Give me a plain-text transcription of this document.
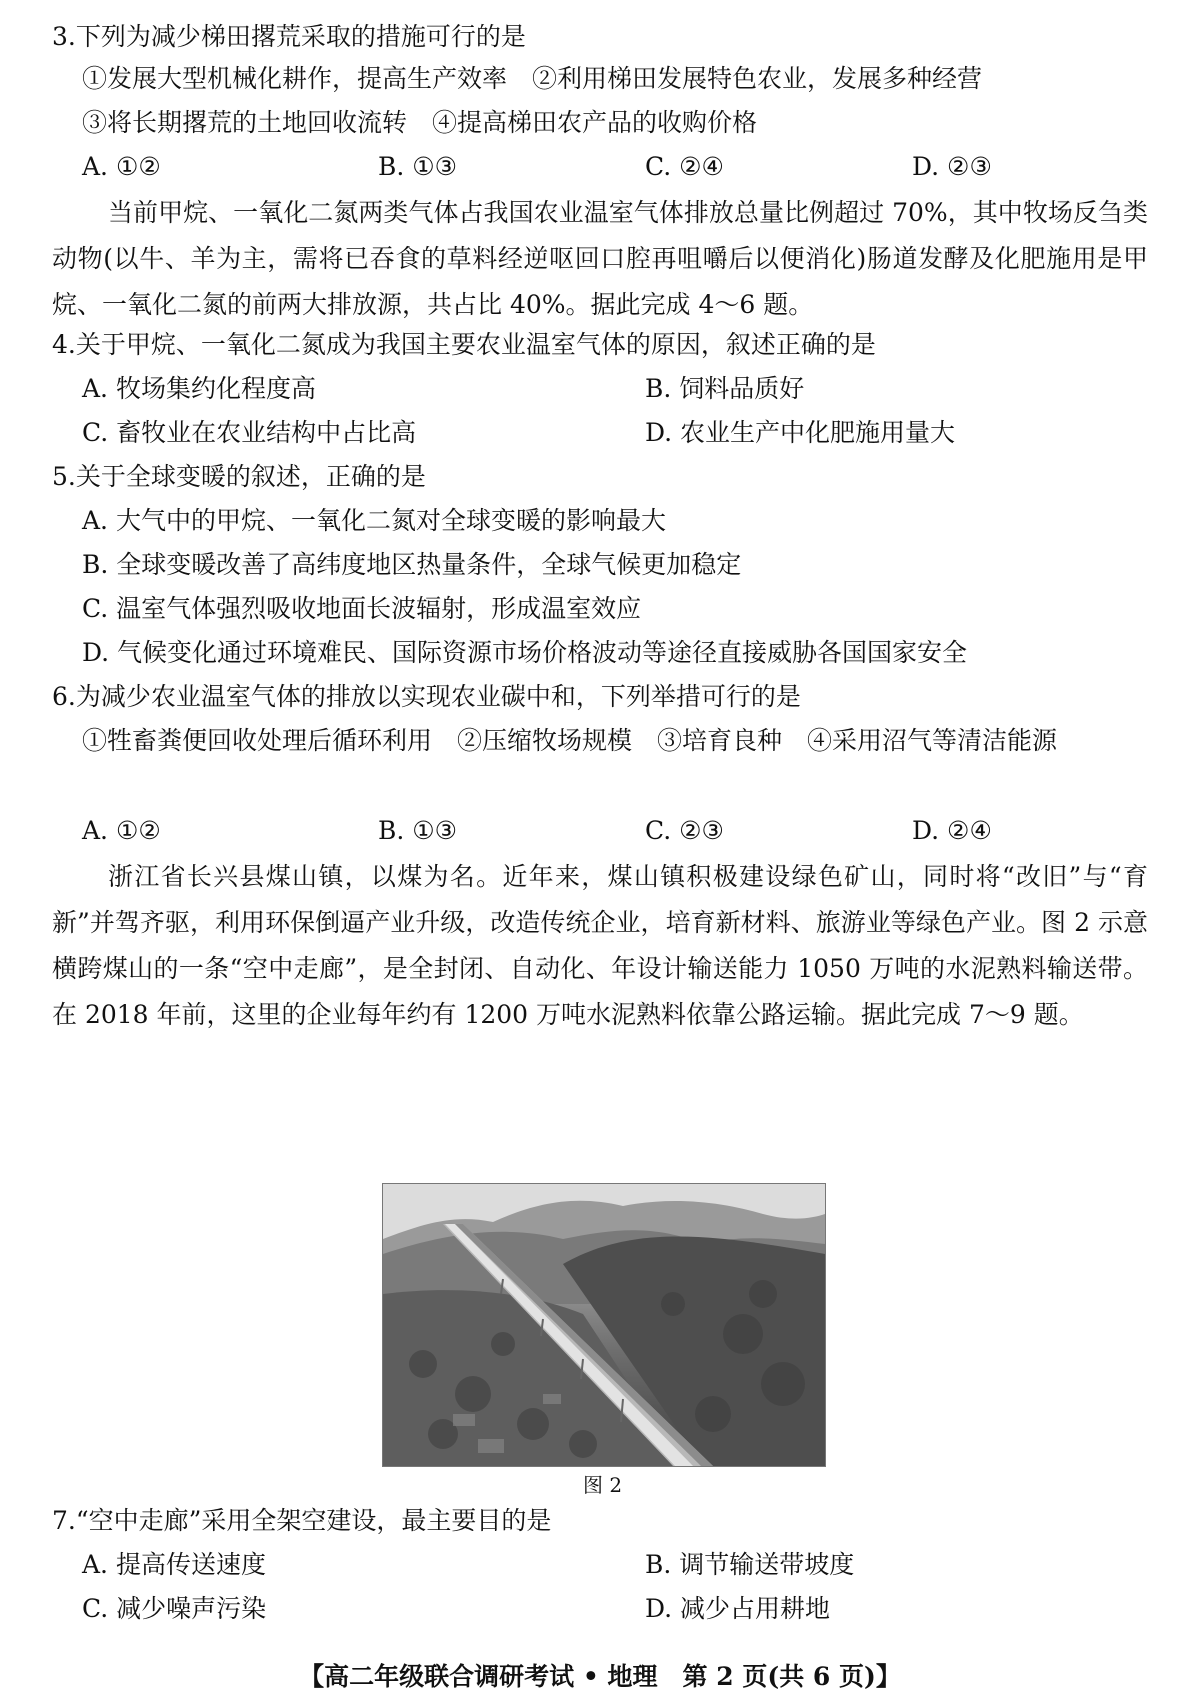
3.下列为减少梯田撂荒采取的措施可行的是
①发展大型机械化耕作，提高生产效率　②利用梯田发展特色农业，发展多种经营
③将长期撂荒的土地回收流转　④提高梯田农产品的收购价格
A. ①②	B. ①③	C. ②④	D. ②③
当前甲烷、一氧化二氮两类气体占我国农业温室气体排放总量比例超过 70%，其中牧场反刍类动物(以牛、羊为主，需将已吞食的草料经逆呕回口腔再咀嚼后以便消化)肠道发酵及化肥施用是甲烷、一氧化二氮的前两大排放源，共占比 40%。据此完成 4～6 题。
4.关于甲烷、一氧化二氮成为我国主要农业温室气体的原因，叙述正确的是
A. 牧场集约化程度高	B. 饲料品质好
C. 畜牧业在农业结构中占比高	D. 农业生产中化肥施用量大
5.关于全球变暖的叙述，正确的是
A. 大气中的甲烷、一氧化二氮对全球变暖的影响最大
B. 全球变暖改善了高纬度地区热量条件，全球气候更加稳定
C. 温室气体强烈吸收地面长波辐射，形成温室效应
D. 气候变化通过环境难民、国际资源市场价格波动等途径直接威胁各国国家安全
6.为减少农业温室气体的排放以实现农业碳中和，下列举措可行的是
①牲畜粪便回收处理后循环利用　②压缩牧场规模　③培育良种　④采用沼气等清洁能源
A. ①②	B. ①③	C. ②③	D. ②④
浙江省长兴县煤山镇，以煤为名。近年来，煤山镇积极建设绿色矿山，同时将“改旧”与“育新”并驾齐驱，利用环保倒逼产业升级，改造传统企业，培育新材料、旅游业等绿色产业。图 2 示意横跨煤山的一条“空中走廊”，是全封闭、自动化、年设计输送能力 1050 万吨的水泥熟料输送带。在 2018 年前，这里的企业每年约有 1200 万吨水泥熟料依靠公路运输。据此完成 7～9 题。
图 2
7.“空中走廊”采用全架空建设，最主要目的是
A. 提高传送速度	B. 调节输送带坡度
C. 减少噪声污染	D. 减少占用耕地
【高二年级联合调研考试 • 地理　第 2 页(共 6 页)】
